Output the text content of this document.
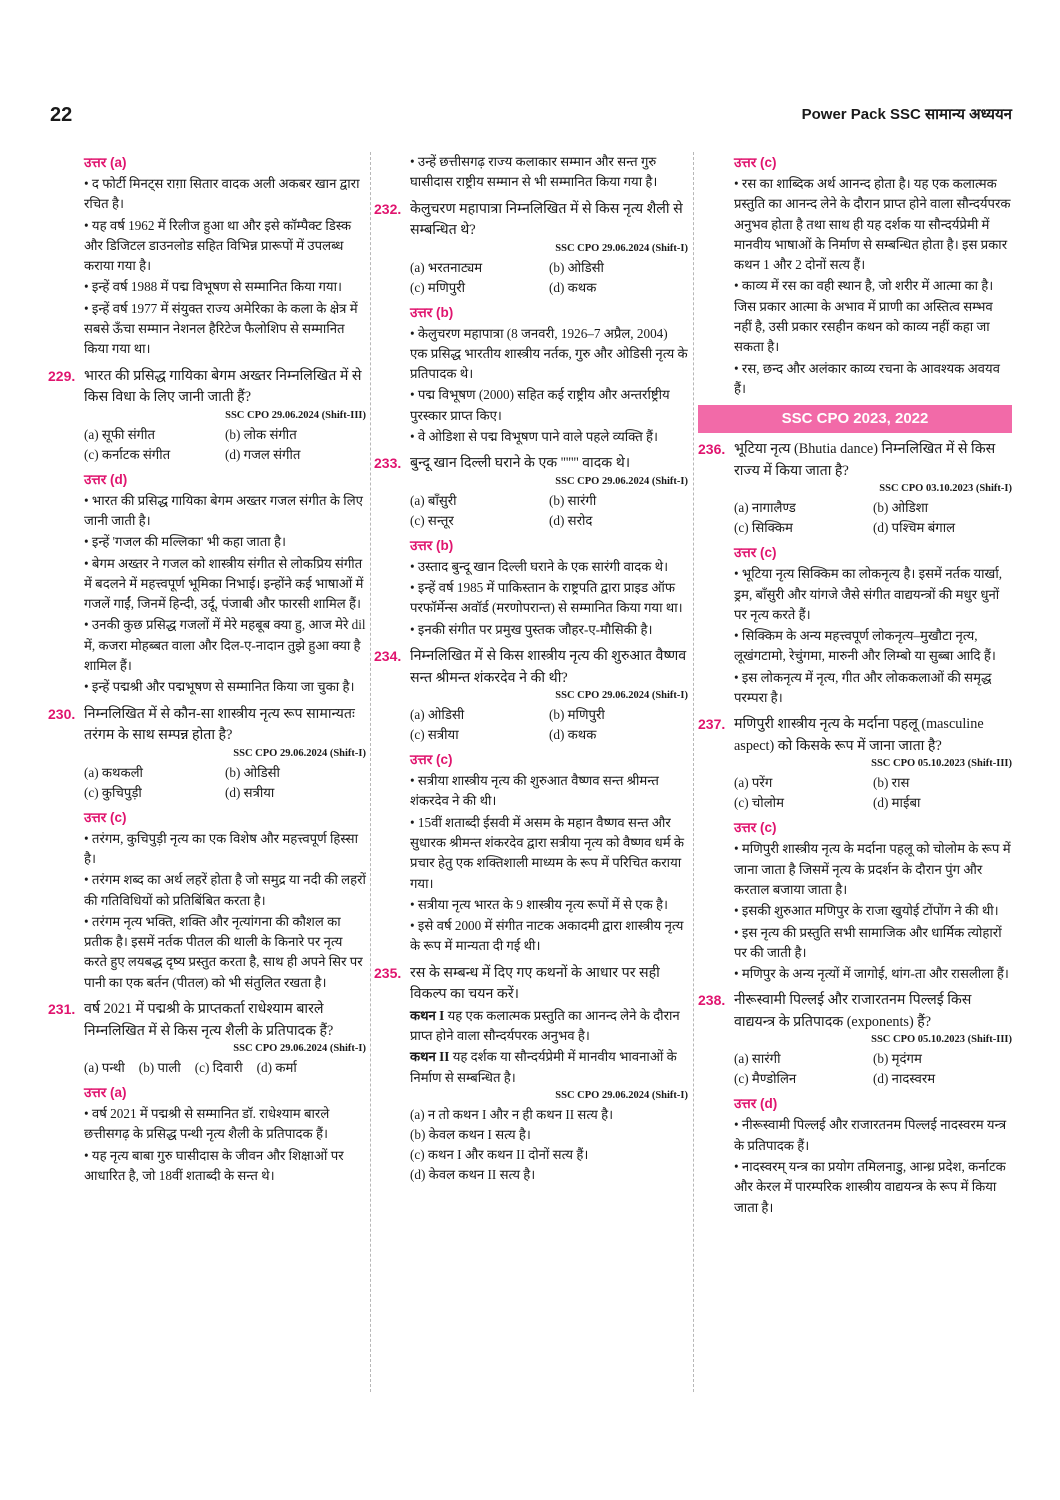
22	Power Pack SSC सामान्य अध्ययन
उत्तर (a)
• द फोर्टी मिनट्स राग़ा सितार वादक अली अकबर खान द्वारा रचित है।
• यह वर्ष 1962 में रिलीज हुआ था और इसे कॉम्पैक्ट डिस्क और डिजिटल डाउनलोड सहित विभिन्न प्रारूपों में उपलब्ध कराया गया है।
• इन्हें वर्ष 1988 में पद्म विभूषण से सम्मानित किया गया।
• इन्हें वर्ष 1977 में संयुक्त राज्य अमेरिका के कला के क्षेत्र में सबसे ऊँचा सम्मान नेशनल हैरिटेज फैलोशिप से सम्मानित किया गया था।
229. भारत की प्रसिद्ध गायिका बेगम अख्तर निम्नलिखित में से किस विधा के लिए जानी जाती हैं?
SSC CPO 29.06.2024 (Shift-III)
(a) सूफी संगीत	(b) लोक संगीत
(c) कर्नाटक संगीत	(d) गजल संगीत
उत्तर (d)
• भारत की प्रसिद्ध गायिका बेगम अख्तर गजल संगीत के लिए जानी जाती है।
• इन्हें 'गजल की मल्लिका' भी कहा जाता है।
• बेगम अख्तर ने गजल को शास्त्रीय संगीत से लोकप्रिय संगीत में बदलने में महत्त्वपूर्ण भूमिका निभाई। इन्होंने कई भाषाओं में गजलें गाईं, जिनमें हिन्दी, उर्दू, पंजाबी और फारसी शामिल हैं।
• उनकी कुछ प्रसिद्ध गजलों में मेरे महबूब क्या हु, आज मेरे dil में, कजरा मोहब्बत वाला और दिल-ए-नादान तुझे हुआ क्या है शामिल हैं।
• इन्हें पद्मश्री और पद्मभूषण से सम्मानित किया जा चुका है।
230. निम्नलिखित में से कौन-सा शास्त्रीय नृत्य रूप सामान्यतः तरंगम के साथ सम्पन्न होता है?
SSC CPO 29.06.2024 (Shift-I)
(a) कथकली	(b) ओडिसी
(c) कुचिपुड़ी	(d) सत्रीया
उत्तर (c)
• तरंगम, कुचिपुड़ी नृत्य का एक विशेष और महत्त्वपूर्ण हिस्सा है।
• तरंगम शब्द का अर्थ लहरें होता है जो समुद्र या नदी की लहरों की गतिविधियों को प्रतिबिंबित करता है।
• तरंगम नृत्य भक्ति, शक्ति और नृत्यांगना की कौशल का प्रतीक है। इसमें नर्तक पीतल की थाली के किनारे पर नृत्य करते हुए लयबद्ध दृष्य प्रस्तुत करता है, साथ ही अपने सिर पर पानी का एक बर्तन (पीतल) को भी संतुलित रखता है।
231. वर्ष 2021 में पद्मश्री के प्राप्तकर्ता राधेश्याम बारले निम्नलिखित में से किस नृत्य शैली के प्रतिपादक हैं?
SSC CPO 29.06.2024 (Shift-I)
(a) पन्थी (b) पाली (c) दिवारी (d) कर्मा
उत्तर (a)
• वर्ष 2021 में पद्मश्री से सम्मानित डॉ. राधेश्याम बारले छत्तीसगढ़ के प्रसिद्ध पन्थी नृत्य शैली के प्रतिपादक हैं।
• यह नृत्य बाबा गुरु घासीदास के जीवन और शिक्षाओं पर आधारित है, जो 18वीं शताब्दी के सन्त थे।
• उन्हें छत्तीसगढ़ राज्य कलाकार सम्मान और सन्त गुरु घासीदास राष्ट्रीय सम्मान से भी सम्मानित किया गया है।
232. केलुचरण महापात्रा निम्नलिखित में से किस नृत्य शैली से सम्बन्धित थे?
SSC CPO 29.06.2024 (Shift-I)
(a) भरतनाट्यम	(b) ओडिसी
(c) मणिपुरी	(d) कथक
उत्तर (b)
• केलुचरण महापात्रा (8 जनवरी, 1926–7 अप्रैल, 2004) एक प्रसिद्ध भारतीय शास्त्रीय नर्तक, गुरु और ओडिसी नृत्य के प्रतिपादक थे।
• पद्म विभूषण (2000) सहित कई राष्ट्रीय और अन्तर्राष्ट्रीय पुरस्कार प्राप्त किए।
• वे ओडिशा से पद्म विभूषण पाने वाले पहले व्यक्ति हैं।
233. बुन्दू खान दिल्ली घराने के एक ''''''' वादक थे।
SSC CPO 29.06.2024 (Shift-I)
(a) बाँसुरी	(b) सारंगी
(c) सन्तूर	(d) सरोद
उत्तर (b)
• उस्ताद बुन्दू खान दिल्ली घराने के एक सारंगी वादक थे।
• इन्हें वर्ष 1985 में पाकिस्तान के राष्ट्रपति द्वारा प्राइड ऑफ परफॉर्मेन्स अवॉर्ड (मरणोपरान्त) से सम्मानित किया गया था।
• इनकी संगीत पर प्रमुख पुस्तक जौहर-ए-मौसिकी है।
234. निम्नलिखित में से किस शास्त्रीय नृत्य की शुरुआत वैष्णव सन्त श्रीमन्त शंकरदेव ने की थी?
SSC CPO 29.06.2024 (Shift-I)
(a) ओडिसी	(b) मणिपुरी
(c) सत्रीया	(d) कथक
उत्तर (c)
• सत्रीया शास्त्रीय नृत्य की शुरुआत वैष्णव सन्त श्रीमन्त शंकरदेव ने की थी।
• 15वीं शताब्दी ईसवी में असम के महान वैष्णव सन्त और सुधारक श्रीमन्त शंकरदेव द्वारा सत्रीया नृत्य को वैष्णव धर्म के प्रचार हेतु एक शक्तिशाली माध्यम के रूप में परिचित कराया गया।
• सत्रीया नृत्य भारत के 9 शास्त्रीय नृत्य रूपों में से एक है।
• इसे वर्ष 2000 में संगीत नाटक अकादमी द्वारा शास्त्रीय नृत्य के रूप में मान्यता दी गई थी।
235. रस के सम्बन्ध में दिए गए कथनों के आधार पर सही विकल्प का चयन करें।
कथन I यह एक कलात्मक प्रस्तुति का आनन्द लेने के दौरान प्राप्त होने वाला सौन्दर्यपरक अनुभव है।
कथन II यह दर्शक या सौन्दर्यप्रेमी में मानवीय भावनाओं के निर्माण से सम्बन्धित है।
SSC CPO 29.06.2024 (Shift-I)
(a) न तो कथन I और न ही कथन II सत्य है।
(b) केवल कथन I सत्य है।
(c) कथन I और कथन II दोनों सत्य हैं।
(d) केवल कथन II सत्य है।
उत्तर (c)
• रस का शाब्दिक अर्थ आनन्द होता है। यह एक कलात्मक प्रस्तुति का आनन्द लेने के दौरान प्राप्त होने वाला सौन्दर्यपरक अनुभव होता है तथा साथ ही यह दर्शक या सौन्दर्यप्रेमी में मानवीय भाषाओं के निर्माण से सम्बन्धित होता है। इस प्रकार कथन 1 और 2 दोनों सत्य हैं।
• काव्य में रस का वही स्थान है, जो शरीर में आत्मा का है। जिस प्रकार आत्मा के अभाव में प्राणी का अस्तित्व सम्भव नहीं है, उसी प्रकार रसहीन कथन को काव्य नहीं कहा जा सकता है।
• रस, छन्द और अलंकार काव्य रचना के आवश्यक अवयव हैं।
SSC CPO 2023, 2022
236. भूटिया नृत्य (Bhutia dance) निम्नलिखित में से किस राज्य में किया जाता है?
SSC CPO 03.10.2023 (Shift-I)
(a) नागालैण्ड	(b) ओडिशा
(c) सिक्किम	(d) पश्चिम बंगाल
उत्तर (c)
• भूटिया नृत्य सिक्किम का लोकनृत्य है। इसमें नर्तक यार्खा, ड्रम, बाँसुरी और यांगजे जैसे संगीत वाद्ययन्त्रों की मधुर धुनों पर नृत्य करते हैं।
• सिक्किम के अन्य महत्त्वपूर्ण लोकनृत्य–मुखौटा नृत्य, लूखंगटामो, रेचुंगमा, मारुनी और लिम्बो या सुब्बा आदि हैं।
• इस लोकनृत्य में नृत्य, गीत और लोककलाओं की समृद्ध परम्परा है।
237. मणिपुरी शास्त्रीय नृत्य के मर्दाना पहलू (masculine aspect) को किसके रूप में जाना जाता है?
SSC CPO 05.10.2023 (Shift-III)
(a) परेंग	(b) रास
(c) चोलोम	(d) माईबा
उत्तर (c)
• मणिपुरी शास्त्रीय नृत्य के मर्दाना पहलू को चोलोम के रूप में जाना जाता है जिसमें नृत्य के प्रदर्शन के दौरान पुंग और करताल बजाया जाता है।
• इसकी शुरुआत मणिपुर के राजा खुयोई टोंपोंग ने की थी।
• इस नृत्य की प्रस्तुति सभी सामाजिक और धार्मिक त्योहारों पर की जाती है।
• मणिपुर के अन्य नृत्यों में जागोई, थांग-ता और रासलीला हैं।
238. नीरूस्वामी पिल्लई और राजारतनम पिल्लई किस वाद्ययन्त्र के प्रतिपादक (exponents) हैं?
SSC CPO 05.10.2023 (Shift-III)
(a) सारंगी	(b) मृदंगम
(c) मैण्डोलिन	(d) नादस्वरम
उत्तर (d)
• नीरूस्वामी पिल्लई और राजारतनम पिल्लई नादस्वरम यन्त्र के प्रतिपादक हैं।
• नादस्वरम् यन्त्र का प्रयोग तमिलनाडु, आन्ध्र प्रदेश, कर्नाटक और केरल में पारम्परिक शास्त्रीय वाद्ययन्त्र के रूप में किया जाता है।
